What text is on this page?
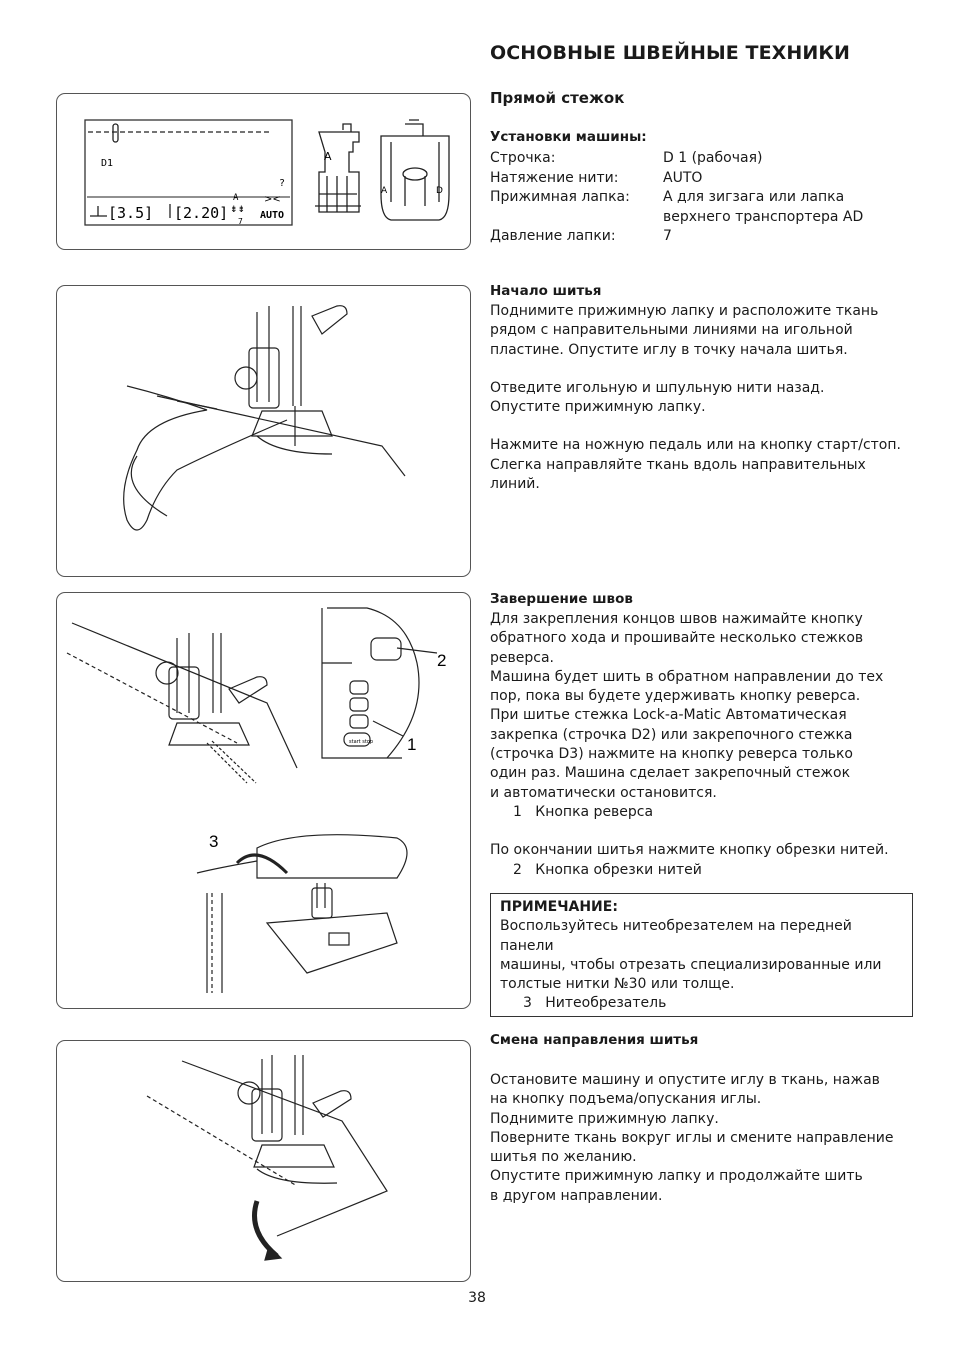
ОСНОВНЫЕ ШВЕЙНЫЕ ТЕХНИКИ
D1
?
[3.5] [2.20]
A
⇟⇟
7
><
AUTO
A
A	D
2
1
3
start stop
Прямой стежок
Установки машины:
Строчка:	D 1 (рабочая)
Натяжение нити:	AUTO
Прижимная лапка:	A для зигзага или лапка
верхнего транспортера AD
Давление лапки:	7
Начало шитья

Поднимите прижимную лапку и расположите ткань

рядом с направительными линиями на игольной

пластине. Опустите иглу в точку начала шитья.

Отведите игольную и шпульную нити назад.

Опустите прижимную лапку.

Нажмите на ножную педаль или на кнопку старт/стоп.

Слегка направляйте ткань вдоль направительных линий.

Завершение швов

Для закрепления концов швов нажимайте кнопку

обратного хода и прошивайте несколько стежков

реверса.

Машина будет шить в обратном направлении до тех

пор, пока вы будете удерживать кнопку реверса.

При шитье стежка Lock-a-Matic Автоматическая

закрепка (строчка D2) или закрепочного стежка

(строчка D3) нажмите на кнопку реверса только

один раз. Машина сделает закрепочный стежок

и автоматически остановится.

1   Кнопка реверса

По окончании шитья нажмите кнопку обрезки нитей.

2   Кнопка обрезки нитей

ПРИМЕЧАНИЕ:
Воспользуйтесь нитеобрезателем на передней панели
машины, чтобы отрезать специализированные или
толстые нитки №30 или толще.
3   Нитеобрезатель
Смена направления шитья

Остановите машину и опустите иглу в ткань, нажав

на кнопку подъема/опускания иглы.

Поднимите прижимную лапку.

Поверните ткань вокруг иглы и смените направление

шитья по желанию.

Опустите прижимную лапку и продолжайте шить

в другом направлении.

38
